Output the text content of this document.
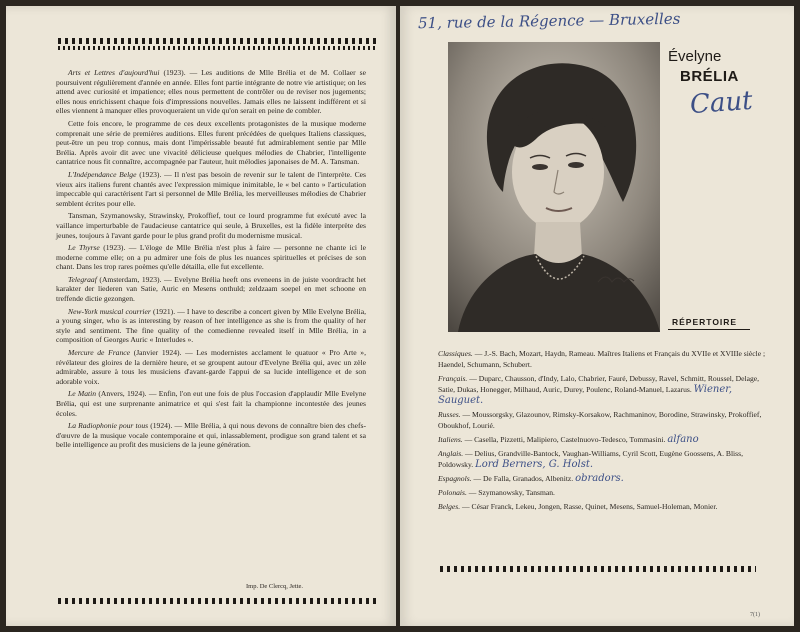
Arts et Lettres d'aujourd'hui (1923). — Les auditions de Mlle Brélia et de M. Collaer se poursuivent régulièrement d'année en année. Elles font partie intégrante de notre vie artistique; on les attend avec curiosité et impatience; elles nous permettent de contrôler ou de reviser nos jugements; elles nous enrichissent chaque fois d'impressions nouvelles. Jamais elles ne laissent indifférent et si elles viennent à manquer elles provoqueraient un vide qu'on serait en peine de combler.

Cette fois encore, le programme de ces deux excellents protagonistes de la musique moderne comprenait une série de premières auditions. Elles furent précédées de quelques Italiens classiques, peut-être un peu trop connus, mais dont l'impérissable beauté fut admirablement sentie par Mlle Brélia. Après avoir dit avec une vivacité délicieuse quelques mélodies de Chabrier, l'intelligente cantatrice nous fit connaître, accompagnée par l'auteur, huit mélodies japonaises de M. A. Tansman.

L'Indépendance Belge (1923). — Il n'est pas besoin de revenir sur le talent de l'interprète. Ces vieux airs italiens furent chantés avec l'expression mimique inimitable, le « bel canto » l'articulation impeccable qui caractérisent l'art si personnel de Mlle Brélia, les merveilleuses mélodies de Chabrier semblent écrites pour elle.

Tansman, Szymanowsky, Strawinsky, Prokoffief, tout ce lourd programme fut exécuté avec la vaillance imperturbable de l'audacieuse cantatrice qui seule, à Bruxelles, est la fidèle interprète des jeunes, toujours à l'avant garde pour le plus grand profit du modernisme musical.

Le Thyrse (1923). — L'éloge de Mlle Brélia n'est plus à faire — personne ne chante ici le moderne comme elle; on a pu admirer une fois de plus les nuances spirituelles et précises de son chant. Dans les trop rares poèmes qu'elle détailla, elle fut excellente.

Telegraaf (Amsterdam, 1923). — Evelyne Brélia heeft ons eveneens in de juiste voordracht het karakter der liederen van Satie, Auric en Mesens onthuld; zeldzaam soepel en met schoone en treffende dictie gezongen.

New-York musical courrier (1921). — I have to describe a concert given by Mlle Evelyne Brélia, a young singer, who is as interesting by reason of her intelligence as she is from the quality of her style and sentiment. The fine quality of the comedienne revealed itself in Mlle Brélia, in a composition of Georges Auric « Interludes ».

Mercure de France (Janvier 1924). — Les modernistes acclament le quatuor « Pro Arte », révélateur des gloires de la dernière heure, et se groupent autour d'Evelyne Brélia qui, avec un zèle admirable, assure à tous les musiciens d'avant-garde l'appui de sa lucide intelligence et de son adorable voix.

Le Matin (Anvers, 1924). — Enfin, l'on eut une fois de plus l'occasion d'applaudir Mlle Evelyne Brélia, qui est une surprenante animatrice et qui s'est fait la championne incontestée des jeunes écoles.

La Radiophonie pour tous (1924). — Mlle Brélia, à qui nous devons de connaître bien des chefs-d'œuvre de la musique vocale contemporaine et qui, inlassablement, prodigue son grand talent et sa belle intelligence au profit des musiciens de la jeune génération.

Imp. De Clercq, Jette.
51, rue de la Régence — Bruxelles
Évelyne
BRÉLIA
Caut
RÉPERTOIRE
Classiques. — J.-S. Bach, Mozart, Haydn, Rameau. Maîtres Italiens et Français du XVIIe et XVIIIe siècle ; Haendel, Schumann, Schubert.
Français. — Duparc, Chausson, d'Indy, Lalo, Chabrier, Fauré, Debussy, Ravel, Schmitt, Roussel, Delage, Satie, Dukas, Honegger, Milhaud, Auric, Durey, Poulenc, Roland-Manuel, Lazarus. Wiener, Sauguet.
Russes. — Moussorgsky, Glazounov, Rimsky-Korsakow, Rachmaninov, Borodine, Strawinsky, Prokoffief, Oboukhof, Lourié.
Italiens. — Casella, Pizzetti, Malipiero, Castelnuovo-Tedesco, Tommasini. alfano
Anglais. — Delius, Grandville-Bantock, Vaughan-Williams, Cyril Scott, Eugène Goossens, A. Bliss, Poldowsky. Lord Berners, G. Holst.
Espagnols. — De Falla, Granados, Albenitz. obradors.
Polonais. — Szymanowsky, Tansman.
Belges. — César Franck, Lekeu, Jongen, Rasse, Quinet, Mesens, Samuel-Holeman, Monier.
7(1)
